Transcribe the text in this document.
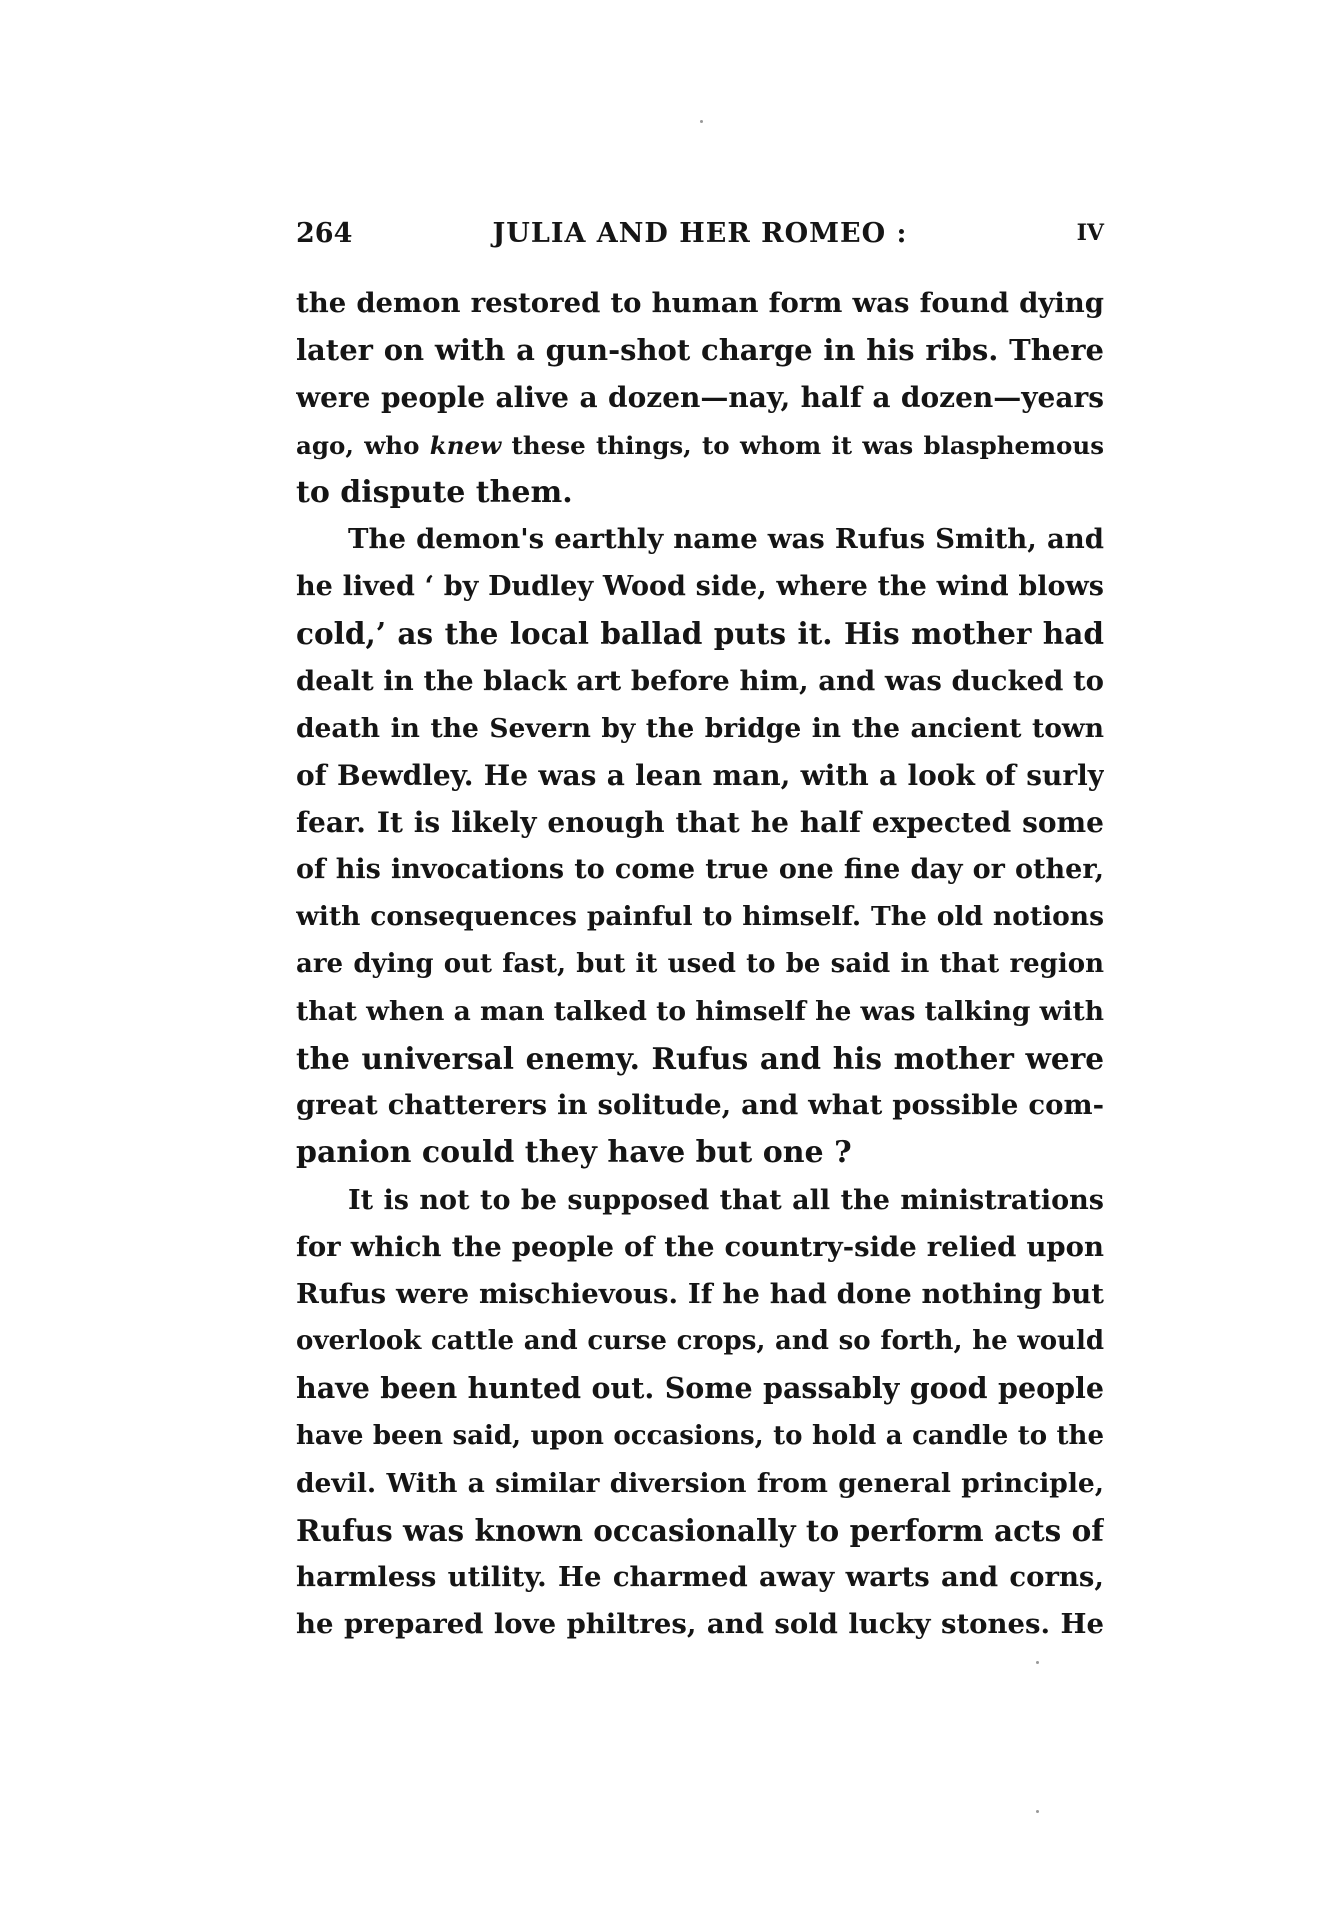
264	JULIA AND HER ROMEO :	IV
the demon restored to human form was found dying
later on with a gun-shot charge in his ribs. There
were people alive a dozen—nay, half a dozen—years
ago, who knew these things, to whom it was blasphemous
to dispute them.
The demon's earthly name was Rufus Smith, and
he lived ‘ by Dudley Wood side, where the wind blows
cold,’ as the local ballad puts it. His mother had
dealt in the black art before him, and was ducked to
death in the Severn by the bridge in the ancient town
of Bewdley. He was a lean man, with a look of surly
fear. It is likely enough that he half expected some
of his invocations to come true one fine day or other,
with consequences painful to himself. The old notions
are dying out fast, but it used to be said in that region
that when a man talked to himself he was talking with
the universal enemy. Rufus and his mother were
great chatterers in solitude, and what possible com-
panion could they have but one ?
It is not to be supposed that all the ministrations
for which the people of the country-side relied upon
Rufus were mischievous. If he had done nothing but
overlook cattle and curse crops, and so forth, he would
have been hunted out. Some passably good people
have been said, upon occasions, to hold a candle to the
devil. With a similar diversion from general principle,
Rufus was known occasionally to perform acts of
harmless utility. He charmed away warts and corns,
he prepared love philtres, and sold lucky stones. He
